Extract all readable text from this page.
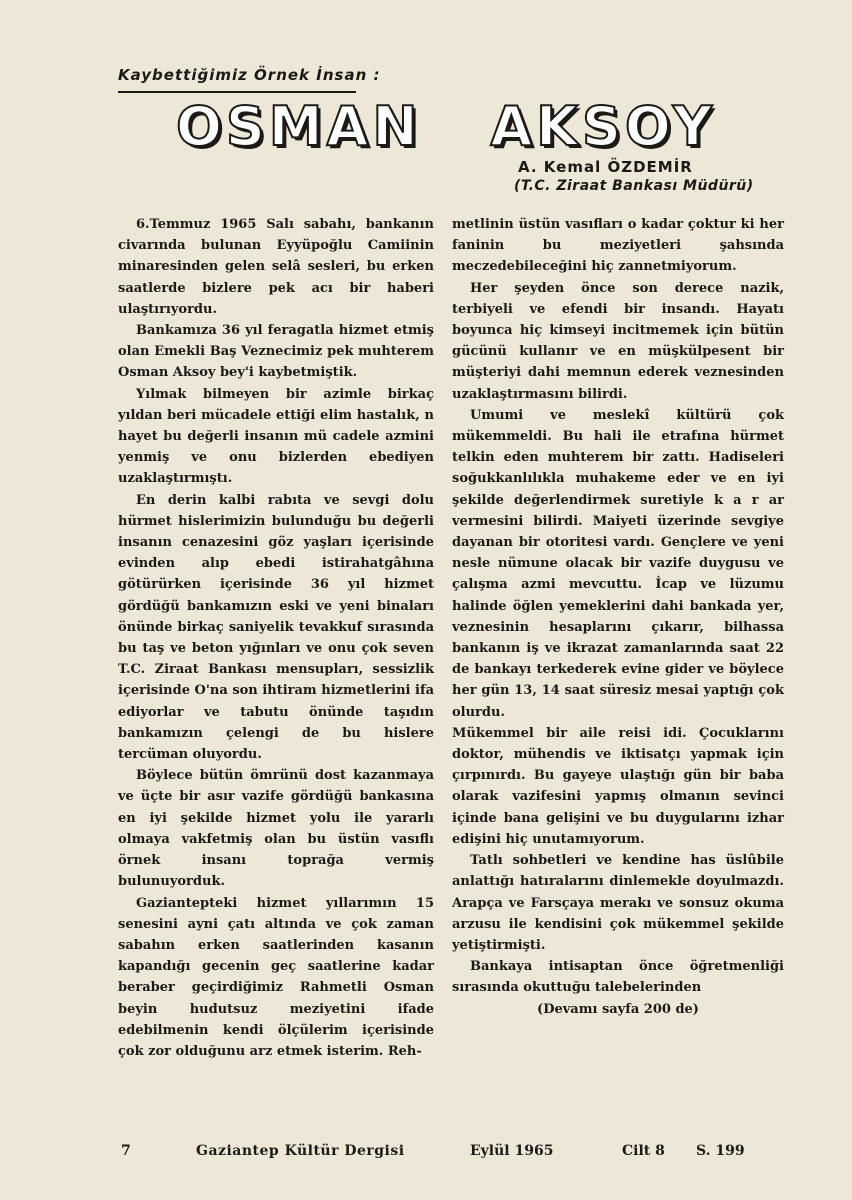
Kaybettiğimiz Örnek İnsan :
OSMAN AKSOY
A. Kemal ÖZDEMİR
(T.C. Ziraat Bankası Müdürü)

6.Temmuz 1965 Salı sabahı, bankanın civarında bulunan Eyyüpoğlu Camiinin minaresinden gelen selâ sesleri, bu erken saatlerde bizlere pek acı bir haberi ulaştırıyordu.

Bankamıza 36 yıl feragatla hizmet etmiş olan Emekli Baş Veznecimiz pek muhterem Osman Aksoy bey'i kaybetmiştik.

Yılmak bilmeyen bir azimle birkaç yıldan beri mücadele ettiği elim hastalık, n hayet bu değerli insanın mü cadele azmini yenmiş ve onu bizlerden ebediyen uzaklaştırmıştı.

En derin kalbi rabıta ve sevgi dolu hürmet hislerimizin bulunduğu bu değerli insanın cenazesini göz yaşları içerisinde evinden alıp ebedi istirahatgâhına götürürken içerisinde 36 yıl hizmet gördüğü bankamızın eski ve yeni binaları önünde birkaç saniyelik tevakkuf sırasında bu taş ve beton yığınları ve onu çok seven T.C. Ziraat Bankası mensupları, sessizlik içerisinde O'na son ihtiram hizmetlerini ifa ediyorlar ve tabutu önünde taşıdın bankamızın çelengi de bu hislere tercüman oluyordu.

Böylece bütün ömrünü dost kazanmaya ve üçte bir asır vazife gördüğü bankasına en iyi şekilde hizmet yolu ile yararlı olmaya vakfetmiş olan bu üstün vasıflı örnek insanı toprağa vermiş bulunuyorduk.

Gaziantepteki hizmet yıllarımın 15 senesini ayni çatı altında ve çok zaman sabahın erken saatlerinden kasanın kapandığı gecenin geç saatlerine kadar beraber geçirdiğimiz Rahmetli Osman beyin hudutsuz meziyetini ifade edebilmenin kendi ölçülerim içerisinde çok zor olduğunu arz etmek isterim. Reh-

metlinin üstün vasıfları o kadar çoktur ki her faninin bu meziyetleri şahsında meczedebileceğini hiç zannetmiyorum.

Her şeyden önce son derece nazik, terbiyeli ve efendi bir insandı. Hayatı boyunca hiç kimseyi incitmemek için bütün gücünü kullanır ve en müşkülpesent bir müşteriyi dahi memnun ederek veznesinden uzaklaştırmasını bilirdi.

Umumi ve meslekî kültürü çok mükemmeldi. Bu hali ile etrafına hürmet telkin eden muhterem bir zattı. Hadiseleri soğukkanlılıkla muhakeme eder ve en iyi şekilde değerlendirmek suretiyle k a r ar vermesini bilirdi. Maiyeti üzerinde sevgiye dayanan bir otoritesi vardı. Gençlere ve yeni nesle nümune olacak bir vazife duygusu ve çalışma azmi mevcuttu. İcap ve lüzumu halinde öğlen yemeklerini dahi bankada yer, veznesinin hesaplarını çıkarır, bilhassa bankanın iş ve ikrazat zamanlarında saat 22 de bankayı terkederek evine gider ve böylece her gün 13, 14 saat süresiz mesai yaptığı çok olurdu.

Mükemmel bir aile reisi idi. Çocuklarını doktor, mühendis ve iktisatçı yapmak için çırpınırdı. Bu gayeye ulaştığı gün bir baba olarak vazifesini yapmış olmanın sevinci içinde bana gelişini ve bu duygularını izhar edişini hiç unutamıyorum.

Tatlı sohbetleri ve kendine has üslûbile anlattığı hatıralarını dinlemekle doyulmazdı. Arapça ve Farsçaya merakı ve sonsuz okuma arzusu ile kendisini çok mükemmel şekilde yetiştirmişti.

Bankaya intisaptan önce öğretmenliği sırasında okuttuğu talebelerinden

(Devamı sayfa 200 de)

7	Gaziantep Kültür Dergisi	Eylül 1965	Cilt 8 S. 199
